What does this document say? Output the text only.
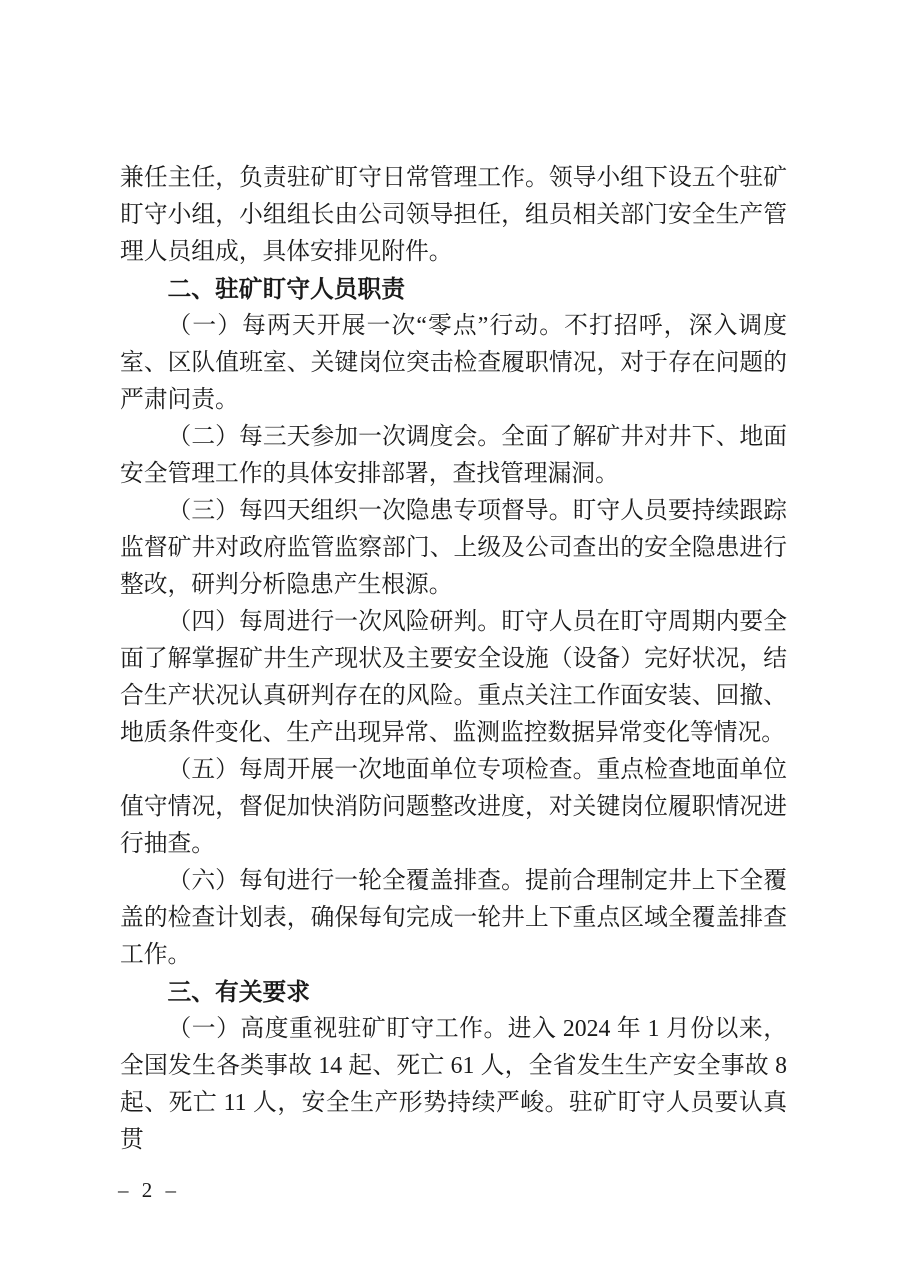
兼任主任，负责驻矿盯守日常管理工作。领导小组下设五个驻矿盯守小组，小组组长由公司领导担任，组员相关部门安全生产管理人员组成，具体安排见附件。

二、驻矿盯守人员职责

（一）每两天开展一次“零点”行动。不打招呼，深入调度室、区队值班室、关键岗位突击检查履职情况，对于存在问题的严肃问责。

（二）每三天参加一次调度会。全面了解矿井对井下、地面安全管理工作的具体安排部署，查找管理漏洞。

（三）每四天组织一次隐患专项督导。盯守人员要持续跟踪监督矿井对政府监管监察部门、上级及公司查出的安全隐患进行整改，研判分析隐患产生根源。

（四）每周进行一次风险研判。盯守人员在盯守周期内要全面了解掌握矿井生产现状及主要安全设施（设备）完好状况，结合生产状况认真研判存在的风险。重点关注工作面安装、回撤、地质条件变化、生产出现异常、监测监控数据异常变化等情况。

（五）每周开展一次地面单位专项检查。重点检查地面单位值守情况，督促加快消防问题整改进度，对关键岗位履职情况进行抽查。

（六）每旬进行一轮全覆盖排查。提前合理制定井上下全覆盖的检查计划表，确保每旬完成一轮井上下重点区域全覆盖排查工作。

三、有关要求

（一）高度重视驻矿盯守工作。进入 2024 年 1 月份以来，全国发生各类事故 14 起、死亡 61 人，全省发生生产安全事故 8 起、死亡 11 人，安全生产形势持续严峻。驻矿盯守人员要认真贯

– 2 –
